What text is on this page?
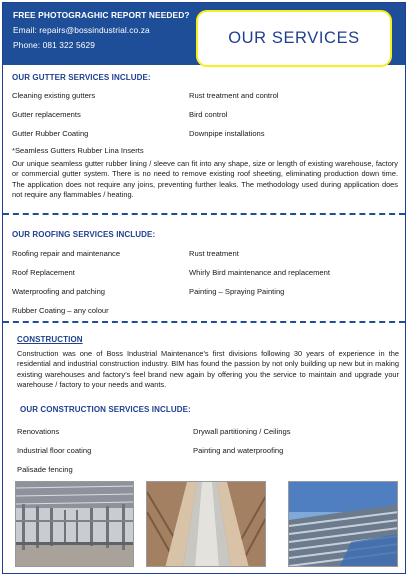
FREE PHOTOGRAGHIC REPORT NEEDED?
Email: repairs@bossindustrial.co.za
Phone: 081 322 5629	OUR SERVICES
OUR GUTTER SERVICES INCLUDE:
Cleaning existing gutters
Gutter replacements
Gutter Rubber Coating
Rust treatment and control
Bird control
Downpipe installations
*Seamless Gutters Rubber Lina Inserts
Our unique seamless gutter rubber lining / sleeve can fit into any shape, size or length of existing warehouse, factory or commercial gutter system. There is no need to remove existing roof sheeting, eliminating production down time. The application does not require any joins, preventing further leaks. The methodology used during application does not require any flammables / heating.
OUR ROOFING SERVICES INCLUDE:
Roofing repair and maintenance
Roof Replacement
Waterproofing and patching
Rubber Coating – any colour
Rust treatment
Whirly Bird maintenance and replacement
Painting – Spraying Painting
CONSTRUCTION
Construction was one of Boss Industrial Maintenance’s first divisions following 30 years of experience in the residential and industrial construction industry. BIM has found the passion by not only building up new but in making existing warehouses and factory’s feel brand new again by offering you the service to maintain and upgrade your warehouse / factory to your needs and wants.
OUR CONSTRUCTION SERVICES INCLUDE:
Renovations
Industrial floor coating
Palisade fencing
Drywall partitioning / Ceilings
Painting and waterproofing
